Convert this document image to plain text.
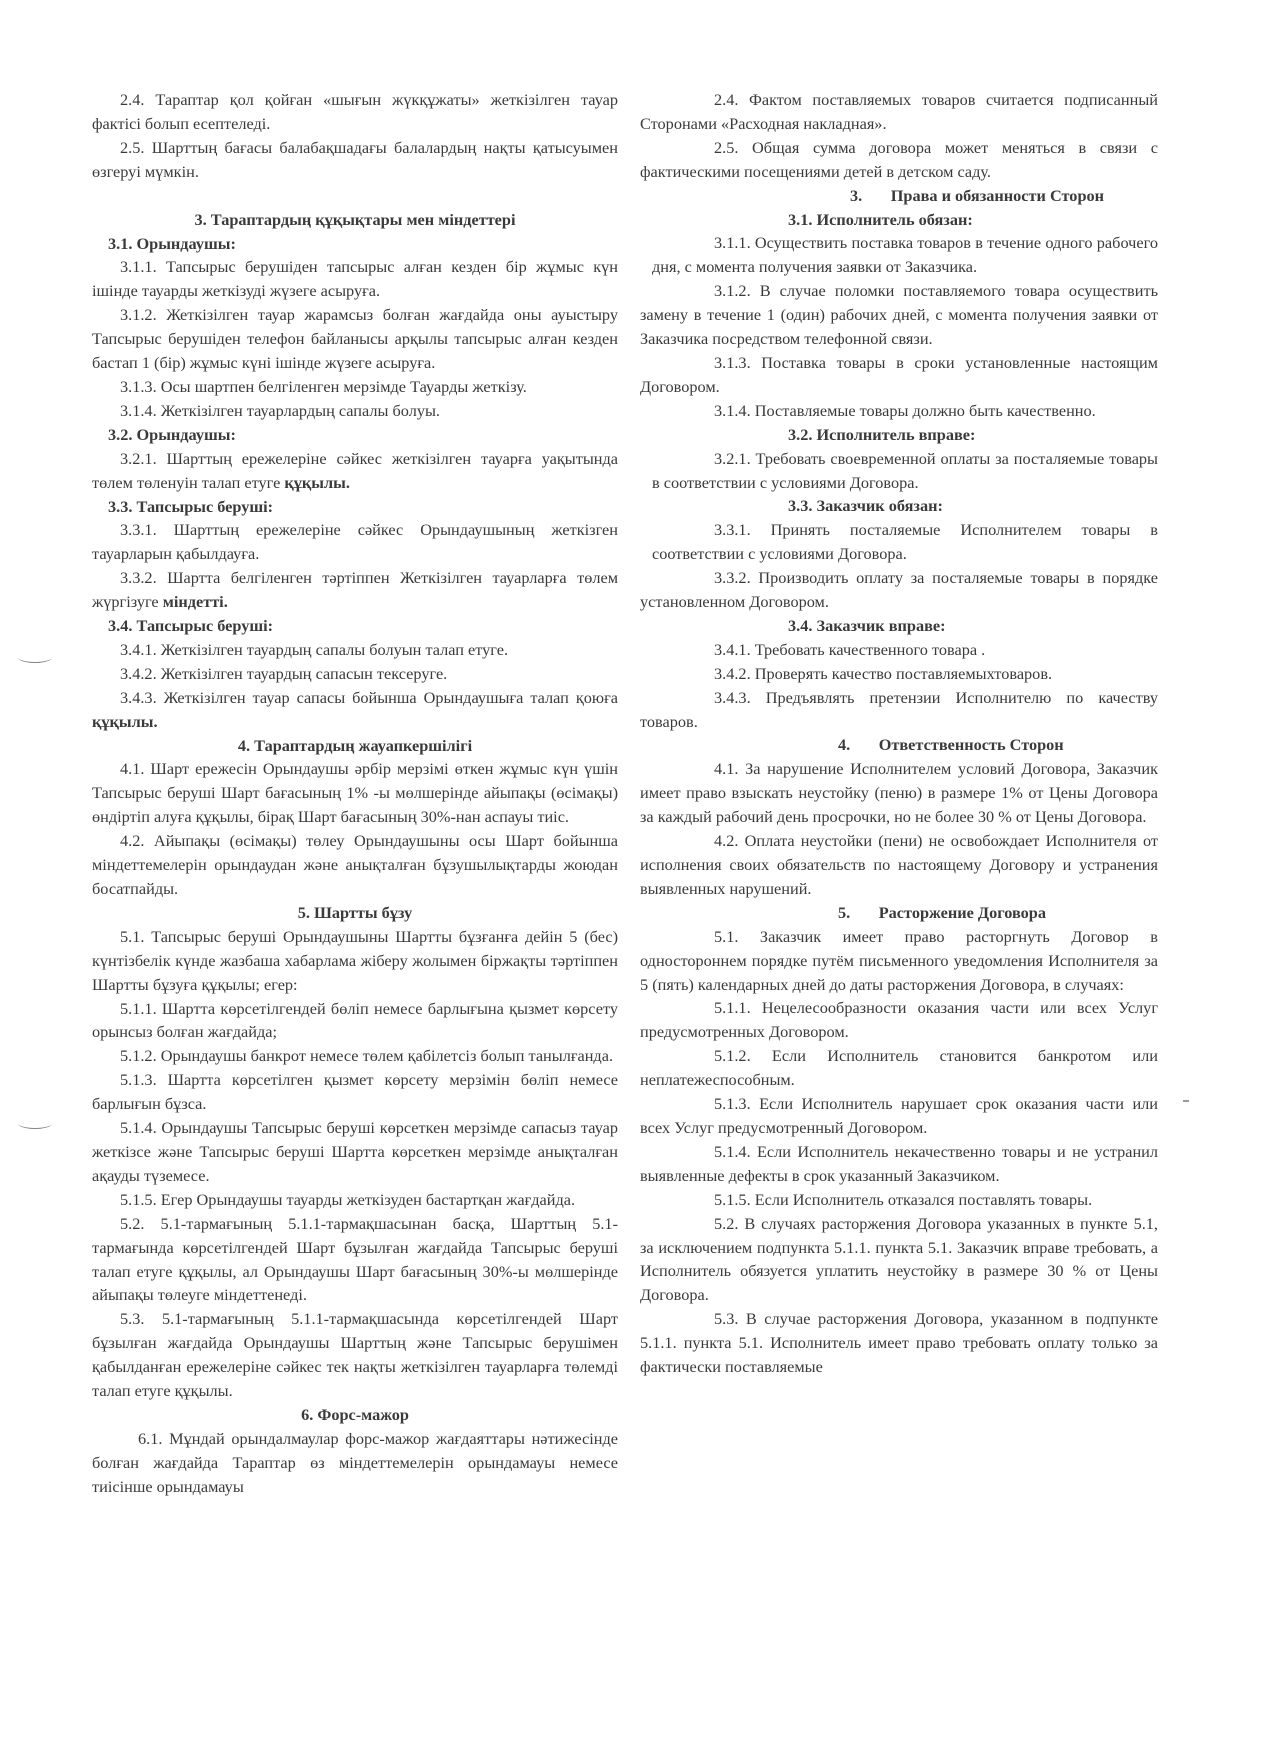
2.4. Тараптар қол қойған «шығын жүкқұжаты» жеткізілген тауар фактісі болып есептеледі.

2.5. Шарттың бағасы балабақшадағы балалардың нақты қатысуымен өзгеруі мүмкін.

3. Тараптардың құқықтары мен міндеттері

3.1. Орындаушы:

3.1.1. Тапсырыс берушіден тапсырыс алған кезден бір жұмыс күн ішінде тауарды жеткізуді жүзеге асыруға.

3.1.2. Жеткізілген тауар жарамсыз болған жағдайда оны ауыстыру Тапсырыс берушіден телефон байланысы арқылы тапсырыс алған кезден бастап 1 (бір) жұмыс күні ішінде жүзеге асыруға.

3.1.3. Осы шартпен белгіленген мерзімде Тауарды жеткізу.

3.1.4. Жеткізілген тауарлардың сапалы болуы.

3.2. Орындаушы:

3.2.1. Шарттың ережелеріне сәйкес жеткізілген тауарға уақытында төлем төленуін талап етуге құқылы.

3.3. Тапсырыс беруші:

3.3.1. Шарттың ережелеріне сәйкес Орындаушының жеткізген тауарларын қабылдауға.

3.3.2. Шартта белгіленген тәртіппен Жеткізілген тауарларға төлем жүргізуге міндетті.

3.4. Тапсырыс беруші:

3.4.1. Жеткізілген тауардың сапалы болуын талап етуге.

3.4.2. Жеткізілген тауардың сапасын тексеруге.

3.4.3. Жеткізілген тауар сапасы бойынша Орындаушыға талап қоюға құқылы.

4. Тараптардың жауапкершілігі

4.1. Шарт ережесін Орындаушы әрбір мерзімі өткен жұмыс күн үшін Тапсырыс беруші Шарт бағасының 1% -ы мөлшерінде айыпақы (өсімақы) өндіртіп алуға құқылы, бірақ Шарт бағасының 30%-нан аспауы тиіс.

4.2. Айыпақы (өсімақы) төлеу Орындаушыны осы Шарт бойынша міндеттемелерін орындаудан және анықталған бұзушылықтарды жоюдан босатпайды.

5. Шартты бұзу

5.1. Тапсырыс беруші Орындаушыны Шартты бұзғанға дейін 5 (бес) күнтізбелік күнде жазбаша хабарлама жіберу жолымен біржақты тәртіппен Шартты бұзуға құқылы; егер:

5.1.1. Шартта көрсетілгендей бөліп немесе барлығына қызмет көрсету орынсыз болған жағдайда;

5.1.2. Орындаушы банкрот немесе төлем қабілетсіз болып танылғанда.

5.1.3. Шартта көрсетілген қызмет көрсету мерзімін бөліп немесе барлығын бұзса.

5.1.4. Орындаушы Тапсырыс беруші көрсеткен мерзімде сапасыз тауар жеткізсе және Тапсырыс беруші Шартта көрсеткен мерзімде анықталған ақауды түземесе.

5.1.5. Егер Орындаушы тауарды жеткізуден бастартқан жағдайда.

5.2. 5.1-тармағының 5.1.1-тармақшасынан басқа, Шарттың 5.1-тармағында көрсетілгендей Шарт бұзылған жағдайда Тапсырыс беруші талап етуге құқылы, ал Орындаушы Шарт бағасының 30%-ы мөлшерінде айыпақы төлеуге міндеттенеді.

5.3. 5.1-тармағының 5.1.1-тармақшасында көрсетілгендей Шарт бұзылған жағдайда Орындаушы Шарттың және Тапсырыс берушімен қабылданған ережелеріне сәйкес тек нақты жеткізілген тауарларға төлемді талап етуге құқылы.

6. Форс-мажор

6.1. Мұндай орындалмаулар форс-мажор жағдаяттары нәтижесінде болған жағдайда Тараптар өз міндеттемелерін орындамауы немесе тиісінше орындамауы

2.4. Фактом поставляемых товаров считается подписанный Сторонами «Расходная накладная».

2.5. Общая сумма договора может меняться в связи с фактическими посещениями детей в детском саду.

3. Права и обязанности Сторон

3.1. Исполнитель обязан:

3.1.1. Осуществить поставка товаров в течение одного рабочего дня, с момента получения заявки от Заказчика.

3.1.2. В случае поломки поставляемого товара осуществить замену в течение 1 (один) рабочих дней, с момента получения заявки от Заказчика посредством телефонной связи.

3.1.3. Поставка товары в сроки установленные настоящим Договором.

3.1.4. Поставляемые товары должно быть качественно.

3.2. Исполнитель вправе:

3.2.1. Требовать своевременной оплаты за посталяемые товары в соответствии с условиями Договора.

3.3. Заказчик обязан:

3.3.1. Принять посталяемые Исполнителем товары в соответствии с условиями Договора.

3.3.2. Производить оплату за посталяемые товары в порядке установленном Договором.

3.4. Заказчик вправе:

3.4.1. Требовать качественного товара .

3.4.2. Проверять качество поставляемыхтоваров.

3.4.3. Предъявлять претензии Исполнителю по качеству товаров.

4. Ответственность Сторон

4.1. За нарушение Исполнителем условий Договора, Заказчик имеет право взыскать неустойку (пеню) в размере 1% от Цены Договора за каждый рабочий день просрочки, но не более 30 % от Цены Договора.

4.2. Оплата неустойки (пени) не освобождает Исполнителя от исполнения своих обязательств по настоящему Договору и устранения выявленных нарушений.

5. Расторжение Договора

5.1. Заказчик имеет право расторгнуть Договор в одностороннем порядке путём письменного уведомления Исполнителя за 5 (пять) календарных дней до даты расторжения Договора, в случаях:

5.1.1. Нецелесообразности оказания части или всех Услуг предусмотренных Договором.

5.1.2. Если Исполнитель становится банкротом или неплатежеспособным.

5.1.3. Если Исполнитель нарушает срок оказания части или всех Услуг предусмотренный Договором.

5.1.4. Если Исполнитель некачественно товары и не устранил выявленные дефекты в срок указанный Заказчиком.

5.1.5. Если Исполнитель отказался поставлять товары.

5.2. В случаях расторжения Договора указанных в пункте 5.1, за исключением подпункта 5.1.1. пункта 5.1. Заказчик вправе требовать, а Исполнитель обязуется уплатить неустойку в размере 30 % от Цены Договора.

5.3. В случае расторжения Договора, указанном в подпункте 5.1.1. пункта 5.1. Исполнитель имеет право требовать оплату только за фактически поставляемые
